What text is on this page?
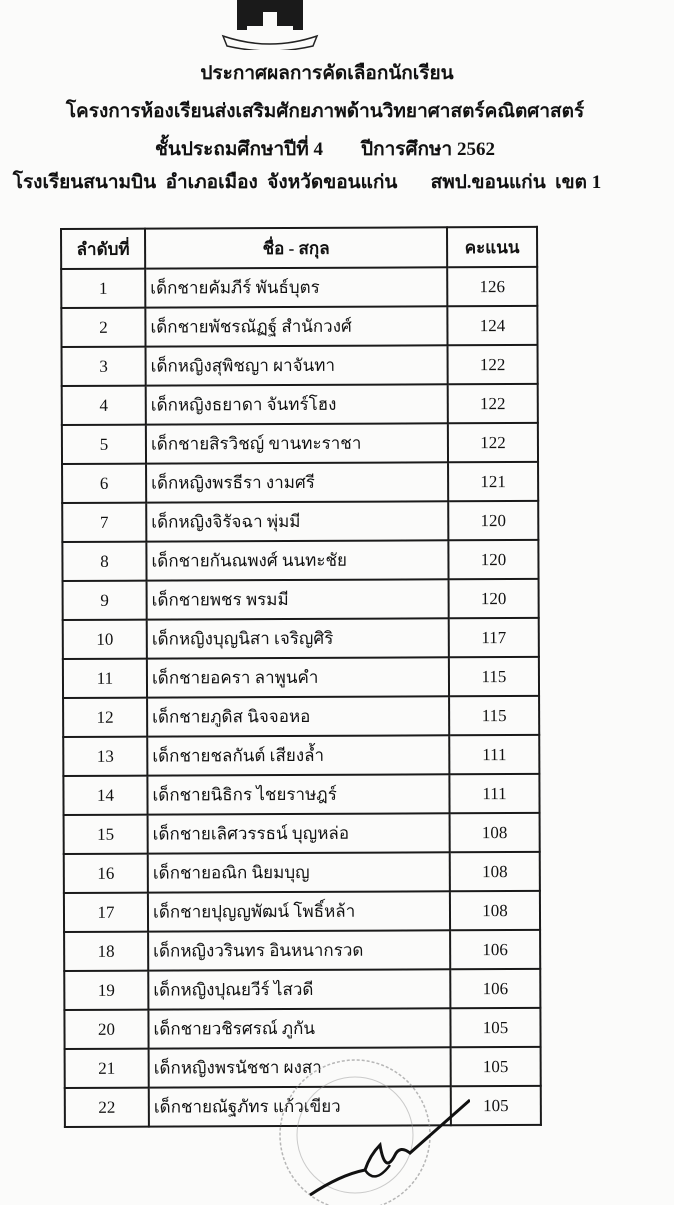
ประกาศผลการคัดเลือกนักเรียน
โครงการห้องเรียนส่งเสริมศักยภาพด้านวิทยาศาสตร์คณิตศาสตร์
ชั้นประถมศึกษาปีที่ 4        ปีการศึกษา 2562
โรงเรียนสนามบิน  อำเภอเมือง  จังหวัดขอนแก่น       สพป.ขอนแก่น  เขต 1
ลำดับที่	ชื่อ - สกุล	คะแนน
1	เด็กชายคัมภีร์ พันธ์บุตร	126
2	เด็กชายพัชรณัฏฐ์ สำนักวงศ์	124
3	เด็กหญิงสุพิชญา ผาจันทา	122
4	เด็กหญิงธยาดา จันทร์โฮง	122
5	เด็กชายสิรวิชญ์ ขานทะราชา	122
6	เด็กหญิงพรธีรา งามศรี	121
7	เด็กหญิงจิรัจฉา พุ่มมี	120
8	เด็กชายกันณพงศ์ นนทะชัย	120
9	เด็กชายพชร พรมมี	120
10	เด็กหญิงบุญนิสา เจริญศิริ	117
11	เด็กชายอครา ลาพูนคำ	115
12	เด็กชายภูดิส นิจจอหอ	115
13	เด็กชายชลกันต์ เสียงล้ำ	111
14	เด็กชายนิธิกร ไชยราษฎร์	111
15	เด็กชายเลิศวรรธน์ บุญหล่อ	108
16	เด็กชายอณิก นิยมบุญ	108
17	เด็กชายปุญญพัฒน์ โพธิ์หล้า	108
18	เด็กหญิงวรินทร อินหนากรวด	106
19	เด็กหญิงปุณยวีร์ ไสวดี	106
20	เด็กชายวชิรศรณ์ ภูกัน	105
21	เด็กหญิงพรนัชชา ผงสา	105
22	เด็กชายณัฐภัทร แก้วเขียว	105
